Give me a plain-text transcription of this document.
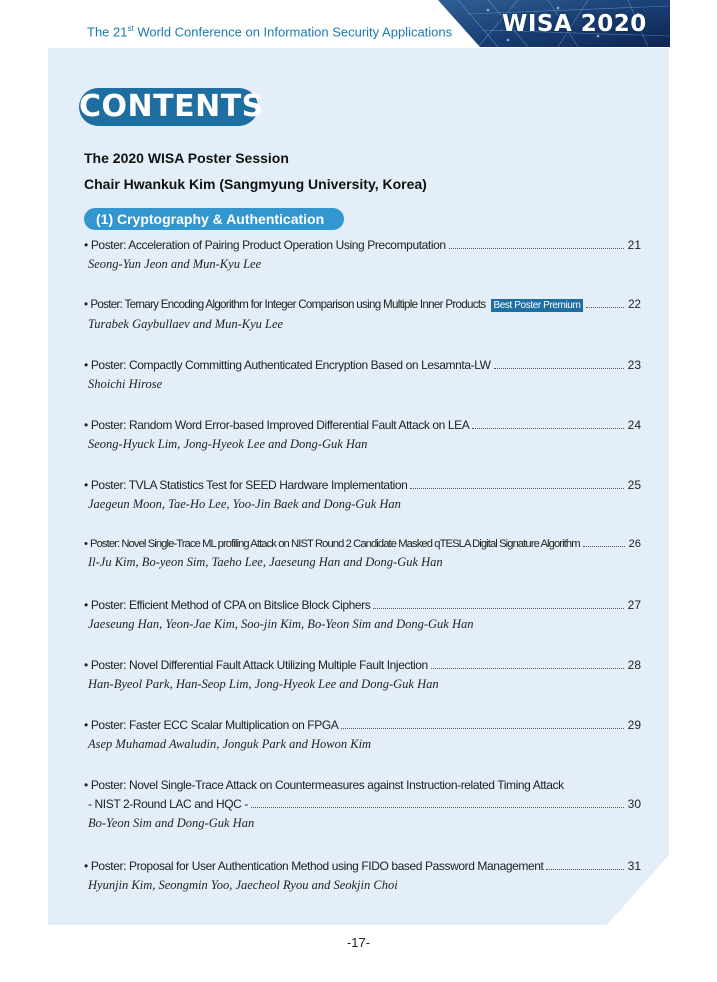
The 21st World Conference on Information Security Applications WISA 2020
CONTENTS
The 2020 WISA Poster Session
Chair Hwankuk Kim (Sangmyung University, Korea)
(1) Cryptography & Authentication
• Poster: Acceleration of Pairing Product Operation Using Precomputation	21
Seong-Yun Jeon and Mun-Kyu Lee
• Poster: Ternary Encoding Algorithm for Integer Comparison using Multiple Inner Products Best Poster Premium	22
Turabek Gaybullaev and Mun-Kyu Lee
• Poster: Compactly Committing Authenticated Encryption Based on Lesamnta-LW	23
Shoichi Hirose
• Poster: Random Word Error-based Improved Differential Fault Attack on LEA	24
Seong-Hyuck Lim, Jong-Hyeok Lee and Dong-Guk Han
• Poster: TVLA Statistics Test for SEED Hardware Implementation	25
Jaegeun Moon, Tae-Ho Lee, Yoo-Jin Baek and Dong-Guk Han
• Poster: Novel Single-Trace ML profiling Attack on NIST Round 2 Candidate Masked qTESLA Digital Signature Algorithm	26
Il-Ju Kim, Bo-yeon Sim, Taeho Lee, Jaeseung Han and Dong-Guk Han
• Poster: Efficient Method of CPA on Bitslice Block Ciphers	27
Jaeseung Han, Yeon-Jae Kim, Soo-jin Kim, Bo-Yeon Sim and Dong-Guk Han
• Poster: Novel Differential Fault Attack Utilizing Multiple Fault Injection	28
Han-Byeol Park, Han-Seop Lim, Jong-Hyeok Lee and Dong-Guk Han
• Poster: Faster ECC Scalar Multiplication on FPGA	29
Asep Muhamad Awaludin, Jonguk Park and Howon Kim
• Poster: Novel Single-Trace Attack on Countermeasures against Instruction-related Timing Attack
- NIST 2-Round LAC and HQC -	30
Bo-Yeon Sim and Dong-Guk Han
• Poster: Proposal for User Authentication Method using FIDO based Password Management	31
Hyunjin Kim, Seongmin Yoo, Jaecheol Ryou and Seokjin Choi
-17-
